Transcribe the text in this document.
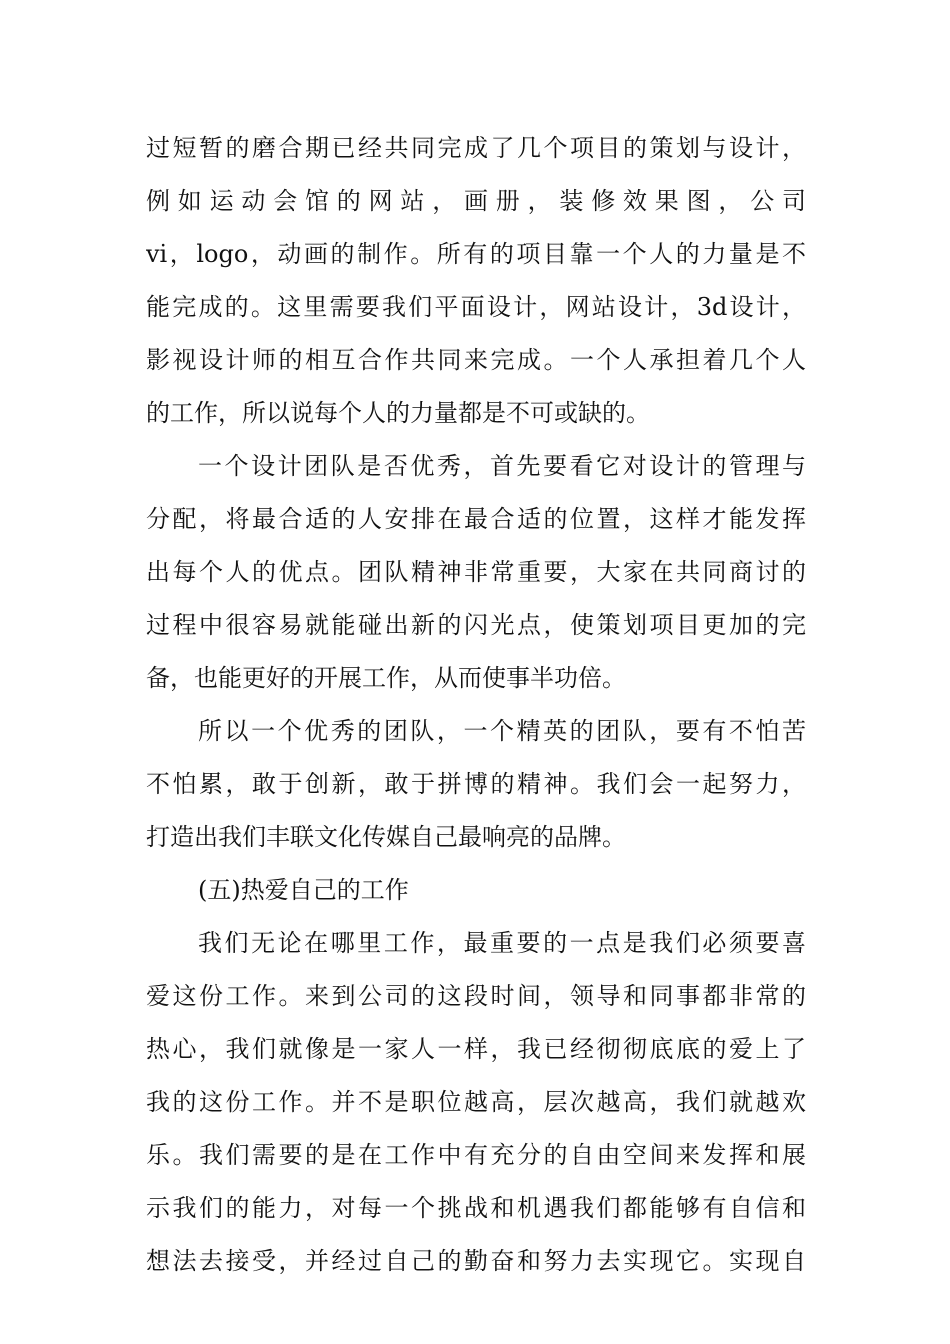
过短暂的磨合期已经共同完成了几个项目的策划与设计，
例如运动会馆的网站，画册，装修效果图，公司
vi，logo，动画的制作。所有的项目靠一个人的力量是不
能完成的。这里需要我们平面设计，网站设计，3d设计，
影视设计师的相互合作共同来完成。一个人承担着几个人
的工作，所以说每个人的力量都是不可或缺的。
一个设计团队是否优秀，首先要看它对设计的管理与
分配，将最合适的人安排在最合适的位置，这样才能发挥
出每个人的优点。团队精神非常重要，大家在共同商讨的
过程中很容易就能碰出新的闪光点，使策划项目更加的完
备，也能更好的开展工作，从而使事半功倍。
所以一个优秀的团队，一个精英的团队，要有不怕苦
不怕累，敢于创新，敢于拼博的精神。我们会一起努力，
打造出我们丰联文化传媒自己最响亮的品牌。
(五)热爱自己的工作
我们无论在哪里工作，最重要的一点是我们必须要喜
爱这份工作。来到公司的这段时间，领导和同事都非常的
热心，我们就像是一家人一样，我已经彻彻底底的爱上了
我的这份工作。并不是职位越高，层次越高，我们就越欢
乐。我们需要的是在工作中有充分的自由空间来发挥和展
示我们的能力，对每一个挑战和机遇我们都能够有自信和
想法去接受，并经过自己的勤奋和努力去实现它。实现自
